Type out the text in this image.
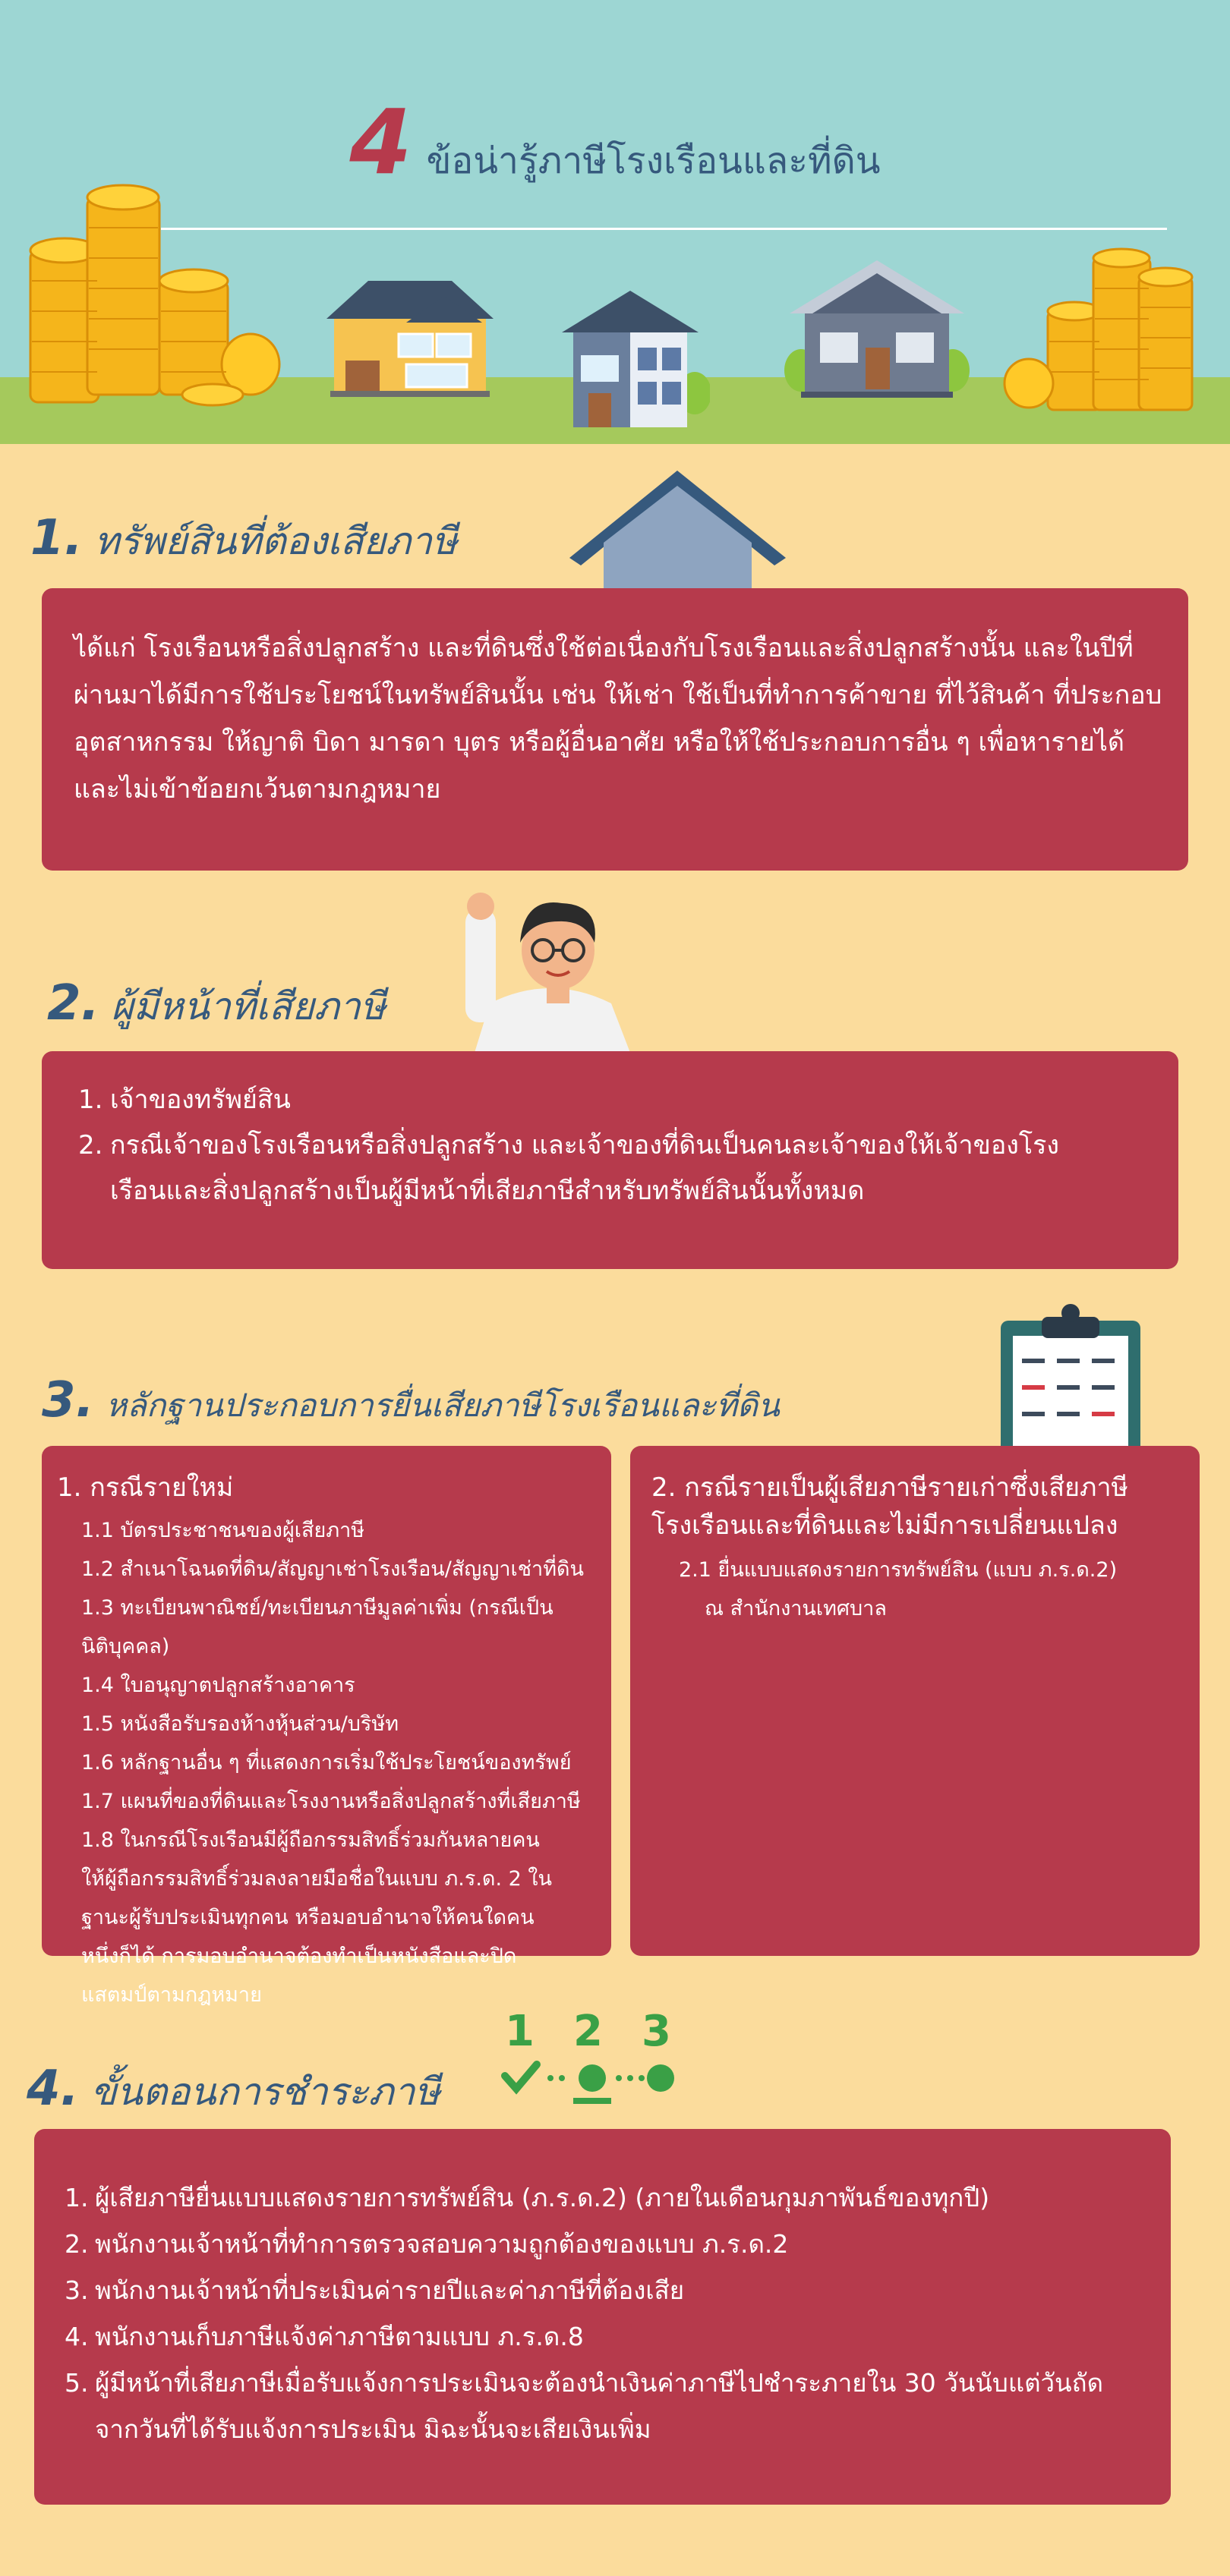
4 ข้อน่ารู้ภาษีโรงเรือนและที่ดิน
1. ทรัพย์สินที่ต้องเสียภาษี
ได้แก่ โรงเรือนหรือสิ่งปลูกสร้าง และที่ดินซึ่งใช้ต่อเนื่องกับโรงเรือนและสิ่งปลูกสร้างนั้น และในปีที่ผ่านมาได้มีการใช้ประโยชน์ในทรัพย์สินนั้น เช่น ให้เช่า ใช้เป็นที่ทำการค้าขาย ที่ไว้สินค้า ที่ประกอบอุตสาหกรรม ให้ญาติ บิดา มารดา บุตร หรือผู้อื่นอาศัย หรือให้ใช้ประกอบการอื่น ๆ เพื่อหารายได้ และไม่เข้าข้อยกเว้นตามกฎหมาย
2. ผู้มีหน้าที่เสียภาษี
1. เจ้าของทรัพย์สิน
2. กรณีเจ้าของโรงเรือนหรือสิ่งปลูกสร้าง และเจ้าของที่ดินเป็นคนละเจ้าของให้เจ้าของโรงเรือนและสิ่งปลูกสร้างเป็นผู้มีหน้าที่เสียภาษีสำหรับทรัพย์สินนั้นทั้งหมด
3. หลักฐานประกอบการยื่นเสียภาษีโรงเรือนและที่ดิน
1. กรณีรายใหม่
1.1 บัตรประชาชนของผู้เสียภาษี
1.2 สำเนาโฉนดที่ดิน/สัญญาเช่าโรงเรือน/สัญญาเช่าที่ดิน
1.3 ทะเบียนพาณิชย์/ทะเบียนภาษีมูลค่าเพิ่ม (กรณีเป็นนิติบุคคล)
1.4 ใบอนุญาตปลูกสร้างอาคาร
1.5 หนังสือรับรองห้างหุ้นส่วน/บริษัท
1.6 หลักฐานอื่น ๆ ที่แสดงการเริ่มใช้ประโยชน์ของทรัพย์
1.7 แผนที่ของที่ดินและโรงงานหรือสิ่งปลูกสร้างที่เสียภาษี
1.8 ในกรณีโรงเรือนมีผู้ถือกรรมสิทธิ์ร่วมกันหลายคน ให้ผู้ถือกรรมสิทธิ์ร่วมลงลายมือชื่อในแบบ ภ.ร.ด. 2 ในฐานะผู้รับประเมินทุกคน หรือมอบอำนาจให้คนใดคนหนึ่งก็ได้ การมอบอำนาจต้องทำเป็นหนังสือและปิดแสตมป์ตามกฎหมาย
2. กรณีรายเป็นผู้เสียภาษีรายเก่าซึ่งเสียภาษีโรงเรือนและที่ดินและไม่มีการเปลี่ยนแปลง
2.1 ยื่นแบบแสดงรายการทรัพย์สิน (แบบ ภ.ร.ด.2)
ณ สำนักงานเทศบาล
4. ขั้นตอนการชำระภาษี
1 2 3
1. ผู้เสียภาษียื่นแบบแสดงรายการทรัพย์สิน (ภ.ร.ด.2) (ภายในเดือนกุมภาพันธ์ของทุกปี)
2. พนักงานเจ้าหน้าที่ทำการตรวจสอบความถูกต้องของแบบ ภ.ร.ด.2
3. พนักงานเจ้าหน้าที่ประเมินค่ารายปีและค่าภาษีที่ต้องเสีย
4. พนักงานเก็บภาษีแจ้งค่าภาษีตามแบบ ภ.ร.ด.8
5. ผู้มีหน้าที่เสียภาษีเมื่อรับแจ้งการประเมินจะต้องนำเงินค่าภาษีไปชำระภายใน 30 วันนับแต่วันถัดจากวันที่ได้รับแจ้งการประเมิน มิฉะนั้นจะเสียเงินเพิ่ม
